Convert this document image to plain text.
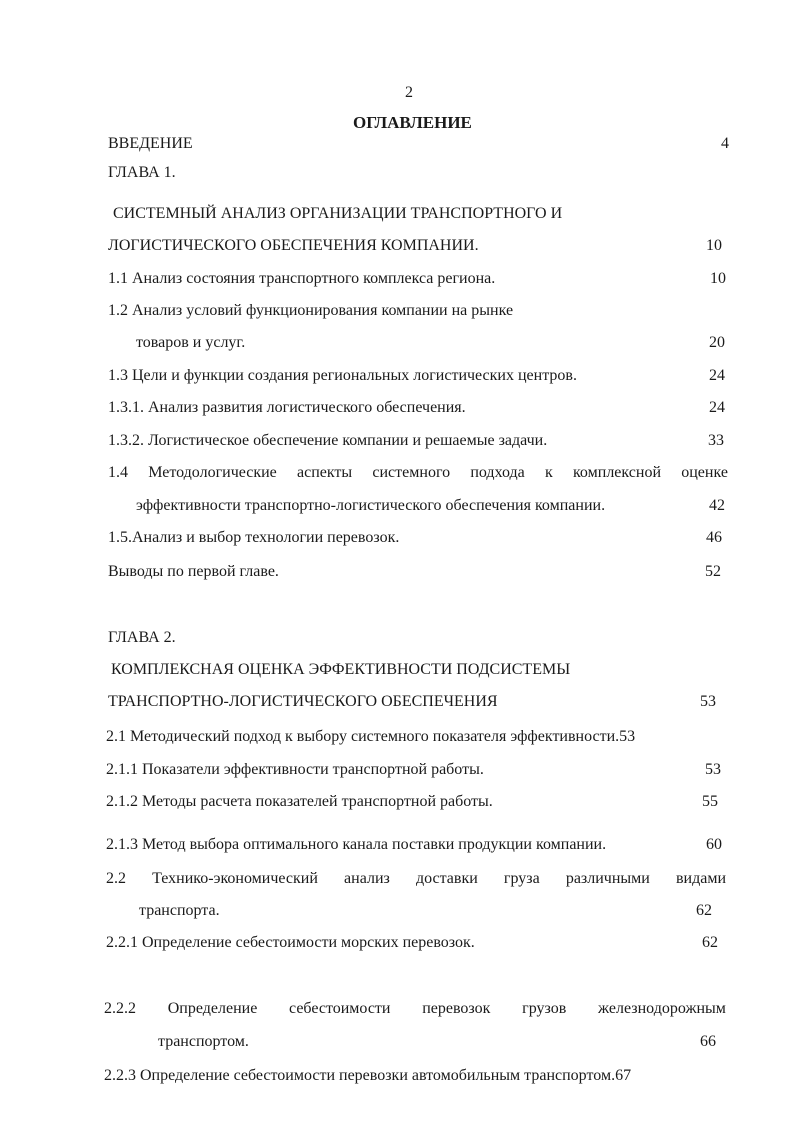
2
ОГЛАВЛЕНИЕ
ВВЕДЕНИЕ	4
ГЛАВА 1.
СИСТЕМНЫЙ АНАЛИЗ ОРГАНИЗАЦИИ ТРАНСПОРТНОГО И
ЛОГИСТИЧЕСКОГО ОБЕСПЕЧЕНИЯ КОМПАНИИ.	10
1.1 Анализ состояния транспортного комплекса региона.	10
1.2 Анализ условий функционирования компании на рынке
товаров и услуг.	20
1.3 Цели и функции создания региональных логистических центров.	24
1.3.1. Анализ развития логистического обеспечения.	24
1.3.2. Логистическое обеспечение компании и решаемые задачи.	33
1.4 Методологические аспекты системного подхода к комплексной оценке
эффективности транспортно-логистического обеспечения компании.	42
1.5.Анализ и выбор технологии перевозок.	46
Выводы по первой главе.	52
ГЛАВА 2.
КОМПЛЕКСНАЯ ОЦЕНКА ЭФФЕКТИВНОСТИ ПОДСИСТЕМЫ
ТРАНСПОРТНО-ЛОГИСТИЧЕСКОГО ОБЕСПЕЧЕНИЯ	53
2.1 Методический подход к выбору системного показателя эффективности.53
2.1.1 Показатели эффективности транспортной работы.	53
2.1.2 Методы расчета показателей транспортной работы.	55
2.1.3 Метод выбора оптимального канала поставки продукции компании.	60
2.2 Технико-экономический анализ доставки груза различными видами
транспорта.	62
2.2.1 Определение себестоимости морских перевозок.	62
2.2.2 Определение себестоимости перевозок грузов железнодорожным
транспортом.	66
2.2.3 Определение себестоимости перевозки автомобильным транспортом.67
